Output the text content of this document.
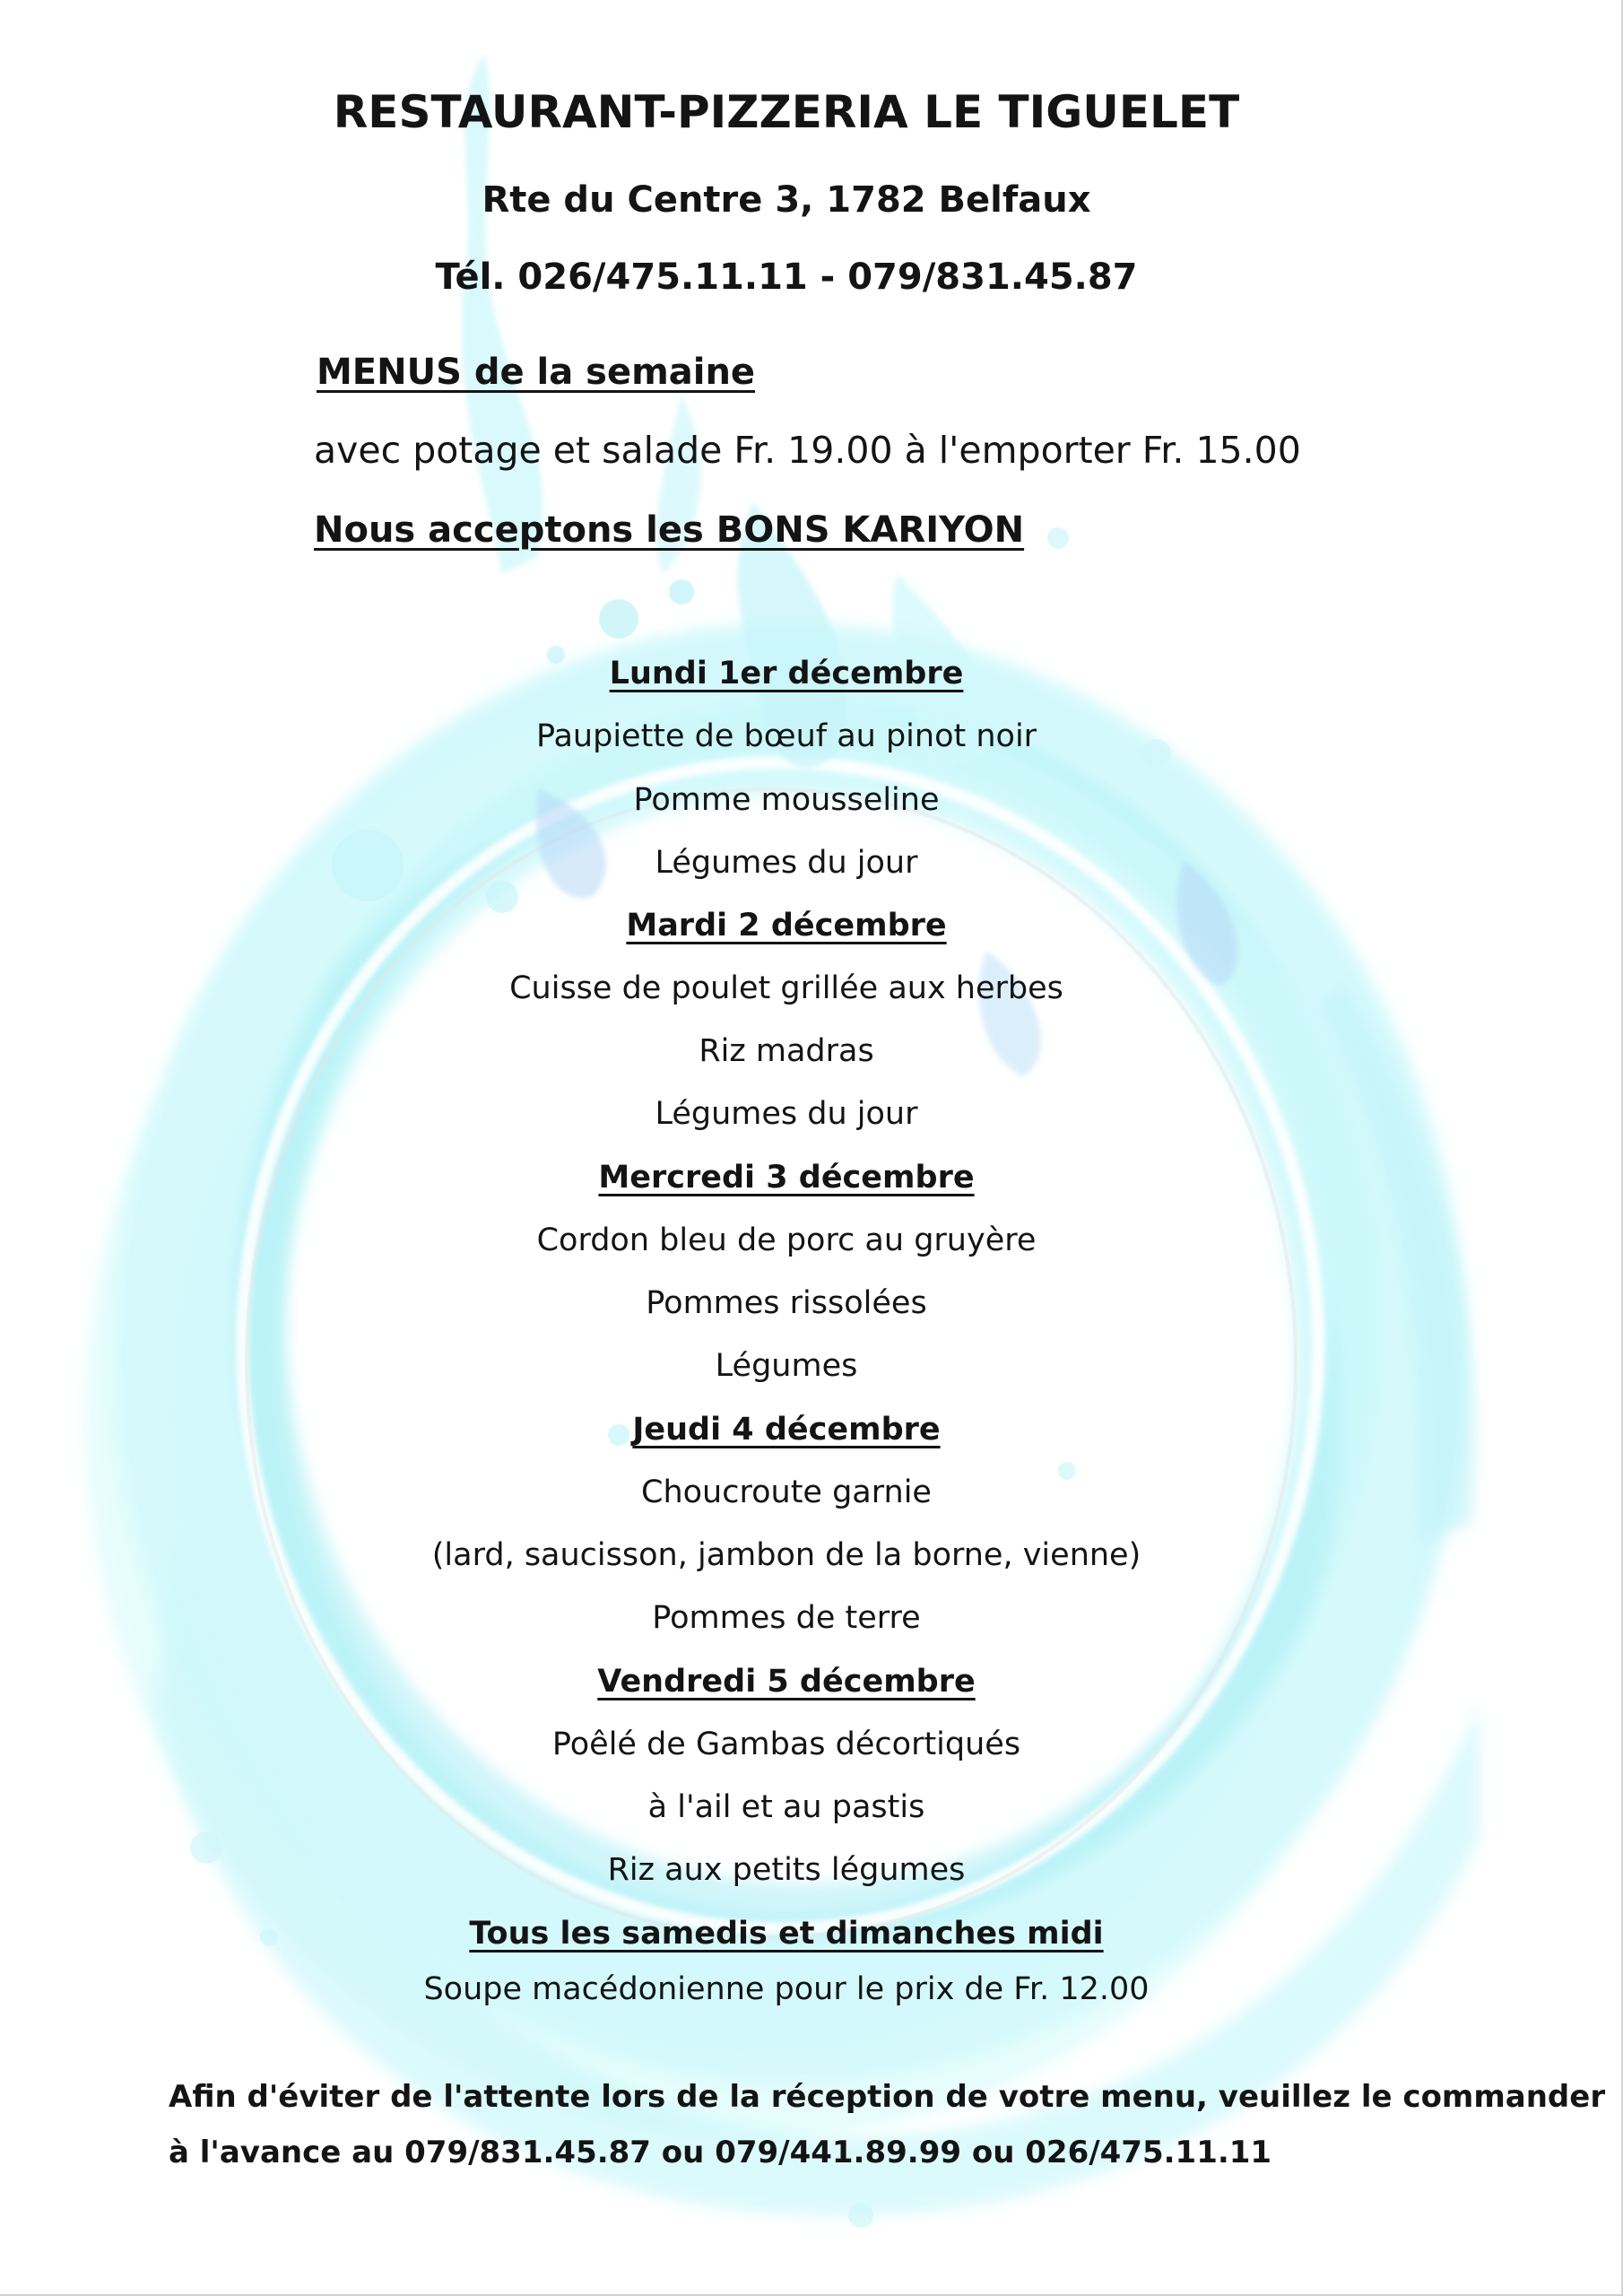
RESTAURANT-PIZZERIA LE TIGUELET

Rte du Centre 3, 1782 Belfaux

Tél. 026/475.11.11 - 079/831.45.87

MENUS de la semaine

avec potage et salade Fr. 19.00 à l'emporter Fr. 15.00

Nous acceptons les BONS KARIYON

Lundi 1er décembre

Paupiette de bœuf au pinot noir

Pomme mousseline

Légumes du jour

Mardi 2 décembre

Cuisse de poulet grillée aux herbes

Riz madras

Légumes du jour

Mercredi 3 décembre

Cordon bleu de porc au gruyère

Pommes rissolées

Légumes

Jeudi 4 décembre

Choucroute garnie

(lard, saucisson, jambon de la borne, vienne)

Pommes de terre

Vendredi 5 décembre

Poêlé de Gambas décortiqués

à l'ail et au pastis

Riz aux petits légumes

Tous les samedis et dimanches midi

Soupe macédonienne pour le prix de Fr. 12.00

Afin d'éviter de l'attente lors de la réception de votre menu, veuillez le commander

à l'avance au 079/831.45.87 ou 079/441.89.99 ou 026/475.11.11
